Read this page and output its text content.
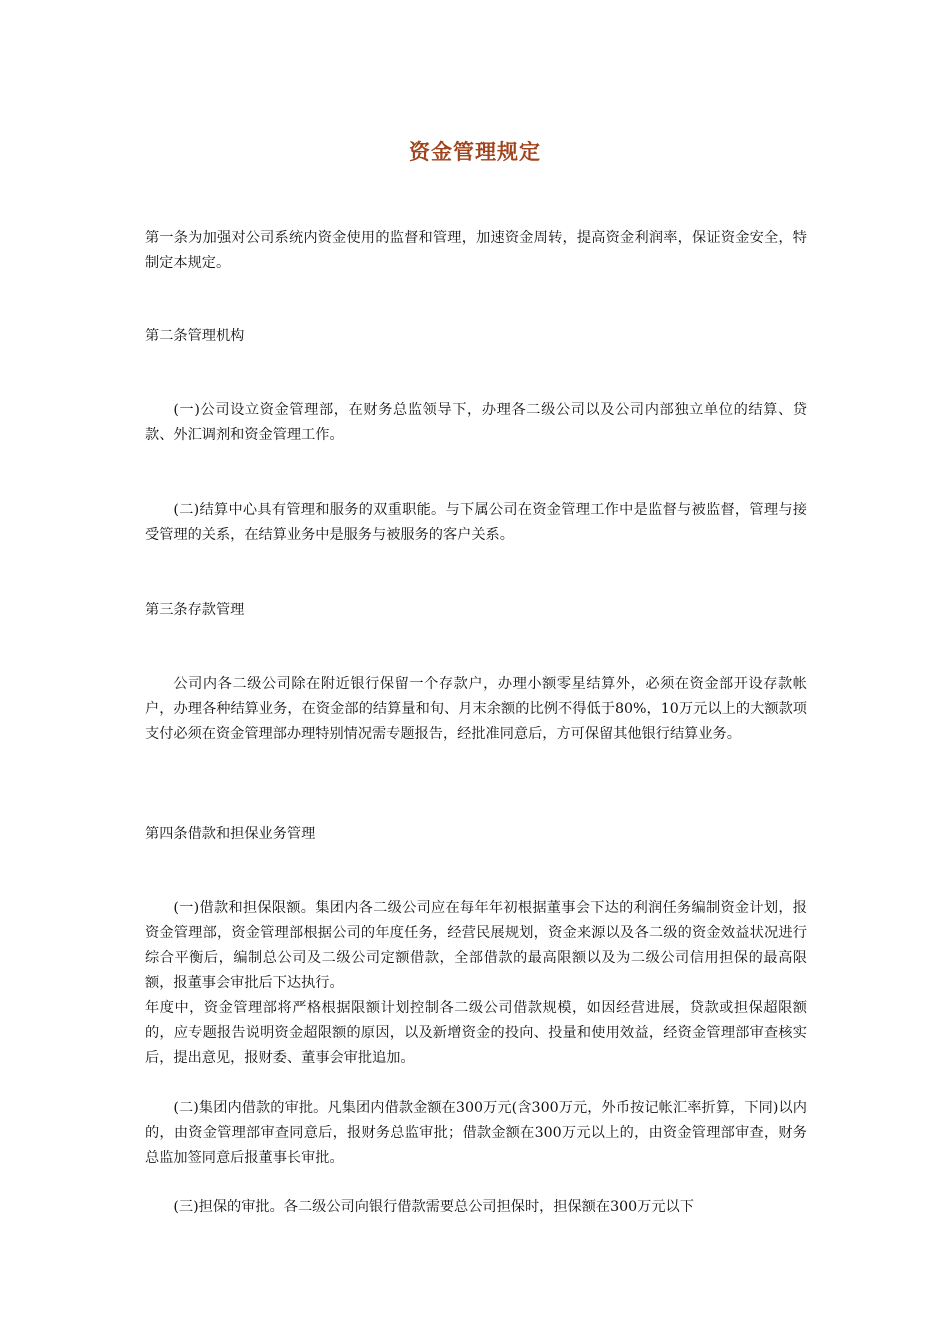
资金管理规定

第一条为加强对公司系统内资金使用的监督和管理，加速资金周转，提高资金利润率，保证资金安全，特制定本规定。

第二条管理机构

(一)公司设立资金管理部，在财务总监领导下，办理各二级公司以及公司内部独立单位的结算、贷款、外汇调剂和资金管理工作。

(二)结算中心具有管理和服务的双重职能。与下属公司在资金管理工作中是监督与被监督，管理与接受管理的关系，在结算业务中是服务与被服务的客户关系。

第三条存款管理

公司内各二级公司除在附近银行保留一个存款户，办理小额零星结算外，必须在资金部开设存款帐户，办理各种结算业务，在资金部的结算量和旬、月末余额的比例不得低于80%，10万元以上的大额款项支付必须在资金管理部办理特别情况需专题报告，经批准同意后，方可保留其他银行结算业务。

第四条借款和担保业务管理

(一)借款和担保限额。集团内各二级公司应在每年年初根据董事会下达的利润任务编制资金计划，报资金管理部，资金管理部根据公司的年度任务，经营民展规划，资金来源以及各二级的资金效益状况进行综合平衡后，编制总公司及二级公司定额借款，全部借款的最高限额以及为二级公司信用担保的最高限额，报董事会审批后下达执行。

年度中，资金管理部将严格根据限额计划控制各二级公司借款规模，如因经营进展，贷款或担保超限额的，应专题报告说明资金超限额的原因，以及新增资金的投向、投量和使用效益，经资金管理部审查核实后，提出意见，报财委、董事会审批追加。

(二)集团内借款的审批。凡集团内借款金额在300万元(含300万元，外币按记帐汇率折算，下同)以内的，由资金管理部审查同意后，报财务总监审批；借款金额在300万元以上的，由资金管理部审查，财务总监加签同意后报董事长审批。

(三)担保的审批。各二级公司向银行借款需要总公司担保时，担保额在300万元以下
